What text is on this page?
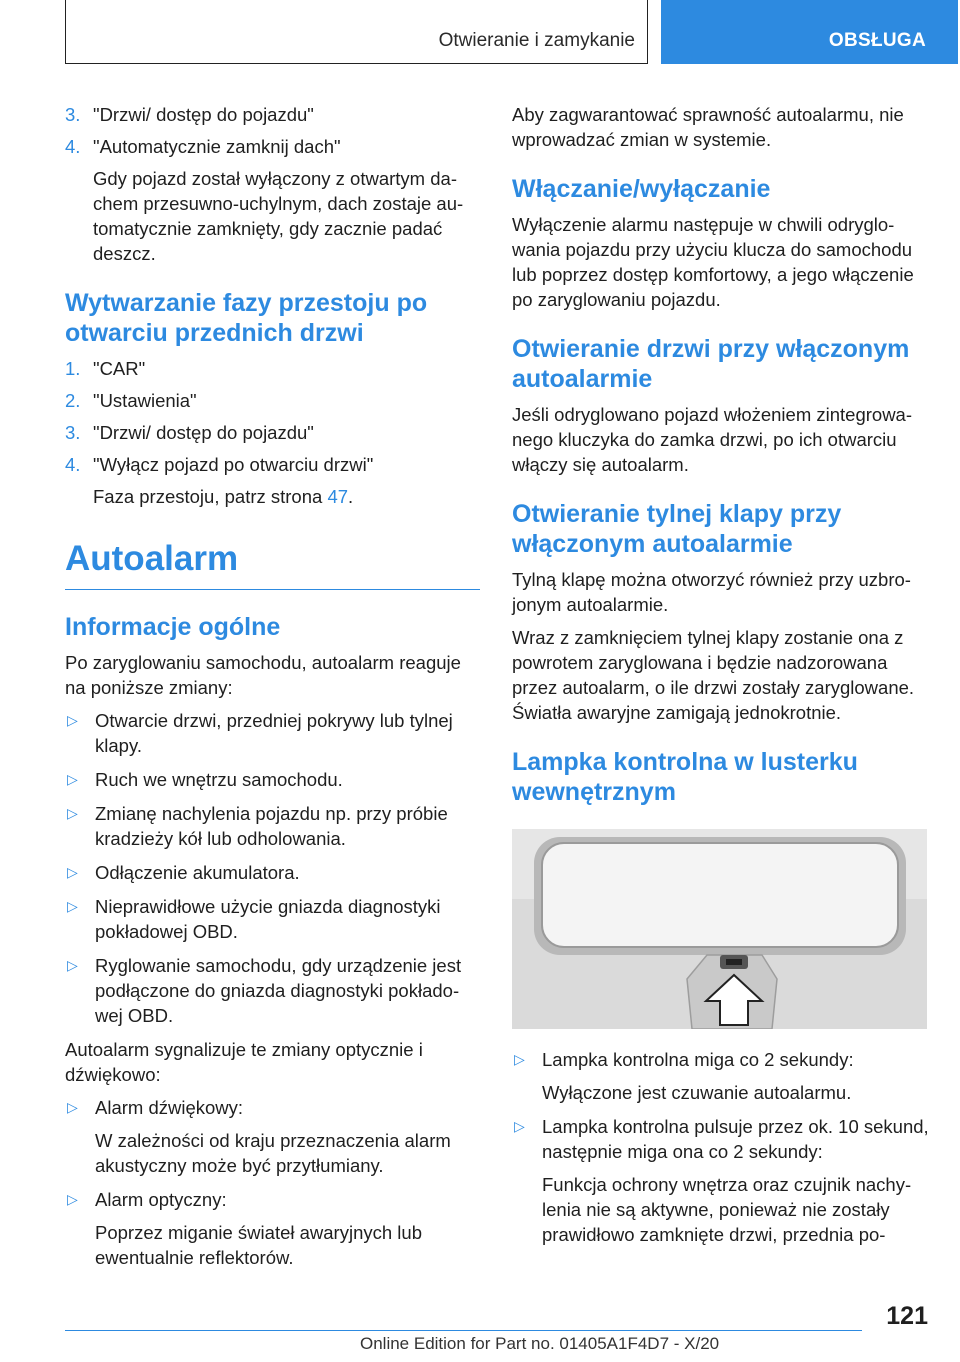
Otwieranie i zamykanie	OBSŁUGA
3. "Drzwi/ dostęp do pojazdu"
4. "Automatycznie zamknij dach"

Gdy pojazd został wyłączony z otwartym dachem przesuwno-uchylnym, dach zostaje automatycznie zamknięty, gdy zacznie padać deszcz.

Wytwarzanie fazy przestoju po otwarciu przednich drzwi
1. "CAR"
2. "Ustawienia"
3. "Drzwi/ dostęp do pojazdu"
4. "Wyłącz pojazd po otwarciu drzwi"

Faza przestoju, patrz strona 47.

Autoalarm
Informacje ogólne

Po zaryglowaniu samochodu, autoalarm reaguje na poniższe zmiany:

▷ Otwarcie drzwi, przedniej pokrywy lub tylnej klapy.
▷ Ruch we wnętrzu samochodu.
▷ Zmianę nachylenia pojazdu np. przy próbie kradzieży kół lub odholowania.
▷ Odłączenie akumulatora.
▷ Nieprawidłowe użycie gniazda diagnostyki pokładowej OBD.
▷ Ryglowanie samochodu, gdy urządzenie jest podłączone do gniazda diagnostyki pokładowej OBD.

Autoalarm sygnalizuje te zmiany optycznie i dźwiękowo:

▷ Alarm dźwiękowy:
W zależności od kraju przeznaczenia alarm akustyczny może być przytłumiany.
▷ Alarm optyczny:
Poprzez miganie świateł awaryjnych lub ewentualnie reflektorów.

Aby zagwarantować sprawność autoalarmu, nie wprowadzać zmian w systemie.

Włączanie/wyłączanie

Wyłączenie alarmu następuje w chwili odryglowania pojazdu przy użyciu klucza do samochodu lub poprzez dostęp komfortowy, a jego włączenie po zaryglowaniu pojazdu.

Otwieranie drzwi przy włączonym autoalarmie

Jeśli odryglowano pojazd włożeniem zintegrowanego kluczyka do zamka drzwi, po ich otwarciu włączy się autoalarm.

Otwieranie tylnej klapy przy włączonym autoalarmie

Tylną klapę można otworzyć również przy uzbrojonym autoalarmie.

Wraz z zamknięciem tylnej klapy zostanie ona z powrotem zaryglowana i będzie nadzorowana przez autoalarm, o ile drzwi zostały zaryglowane. Światła awaryjne zamigają jednokrotnie.

Lampka kontrolna w lusterku wewnętrznym
▷ Lampka kontrolna miga co 2 sekundy:
Wyłączone jest czuwanie autoalarmu.
▷ Lampka kontrolna pulsuje przez ok. 10 sekund, następnie miga ona co 2 sekundy:
Funkcja ochrony wnętrza oraz czujnik nachylenia nie są aktywne, ponieważ nie zostały prawidłowo zamknięte drzwi, przednia po-
121
Online Edition for Part no. 01405A1F4D7 - X/20
